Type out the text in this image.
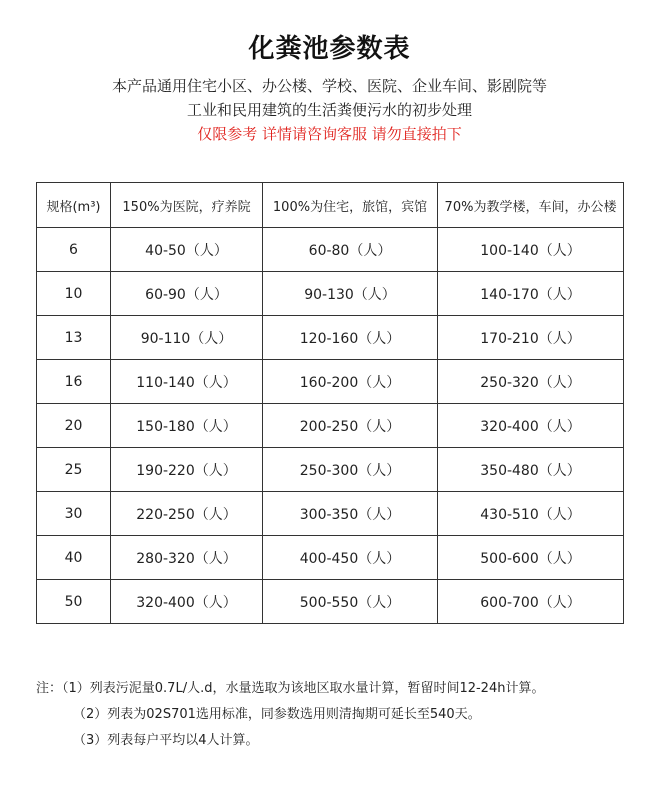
化粪池参数表
本产品通用住宅小区、办公楼、学校、医院、企业车间、影剧院等
工业和民用建筑的生活粪便污水的初步处理
仅限参考 详情请咨询客服 请勿直接拍下
规格(m³)	150%为医院，疗养院	100%为住宅，旅馆，宾馆	70%为教学楼，车间，办公楼
6	40-50（人）	60-80（人）	100-140（人）
10	60-90（人）	90-130（人）	140-170（人）
13	90-110（人）	120-160（人）	170-210（人）
16	110-140（人）	160-200（人）	250-320（人）
20	150-180（人）	200-250（人）	320-400（人）
25	190-220（人）	250-300（人）	350-480（人）
30	220-250（人）	300-350（人）	430-510（人）
40	280-320（人）	400-450（人）	500-600（人）
50	320-400（人）	500-550（人）	600-700（人）
注：（1）列表污泥量0.7L/人.d，水量选取为该地区取水量计算，暂留时间12-24h计算。
（2）列表为02S701选用标准，同参数选用则清掏期可延长至540天。
（3）列表每户平均以4人计算。
